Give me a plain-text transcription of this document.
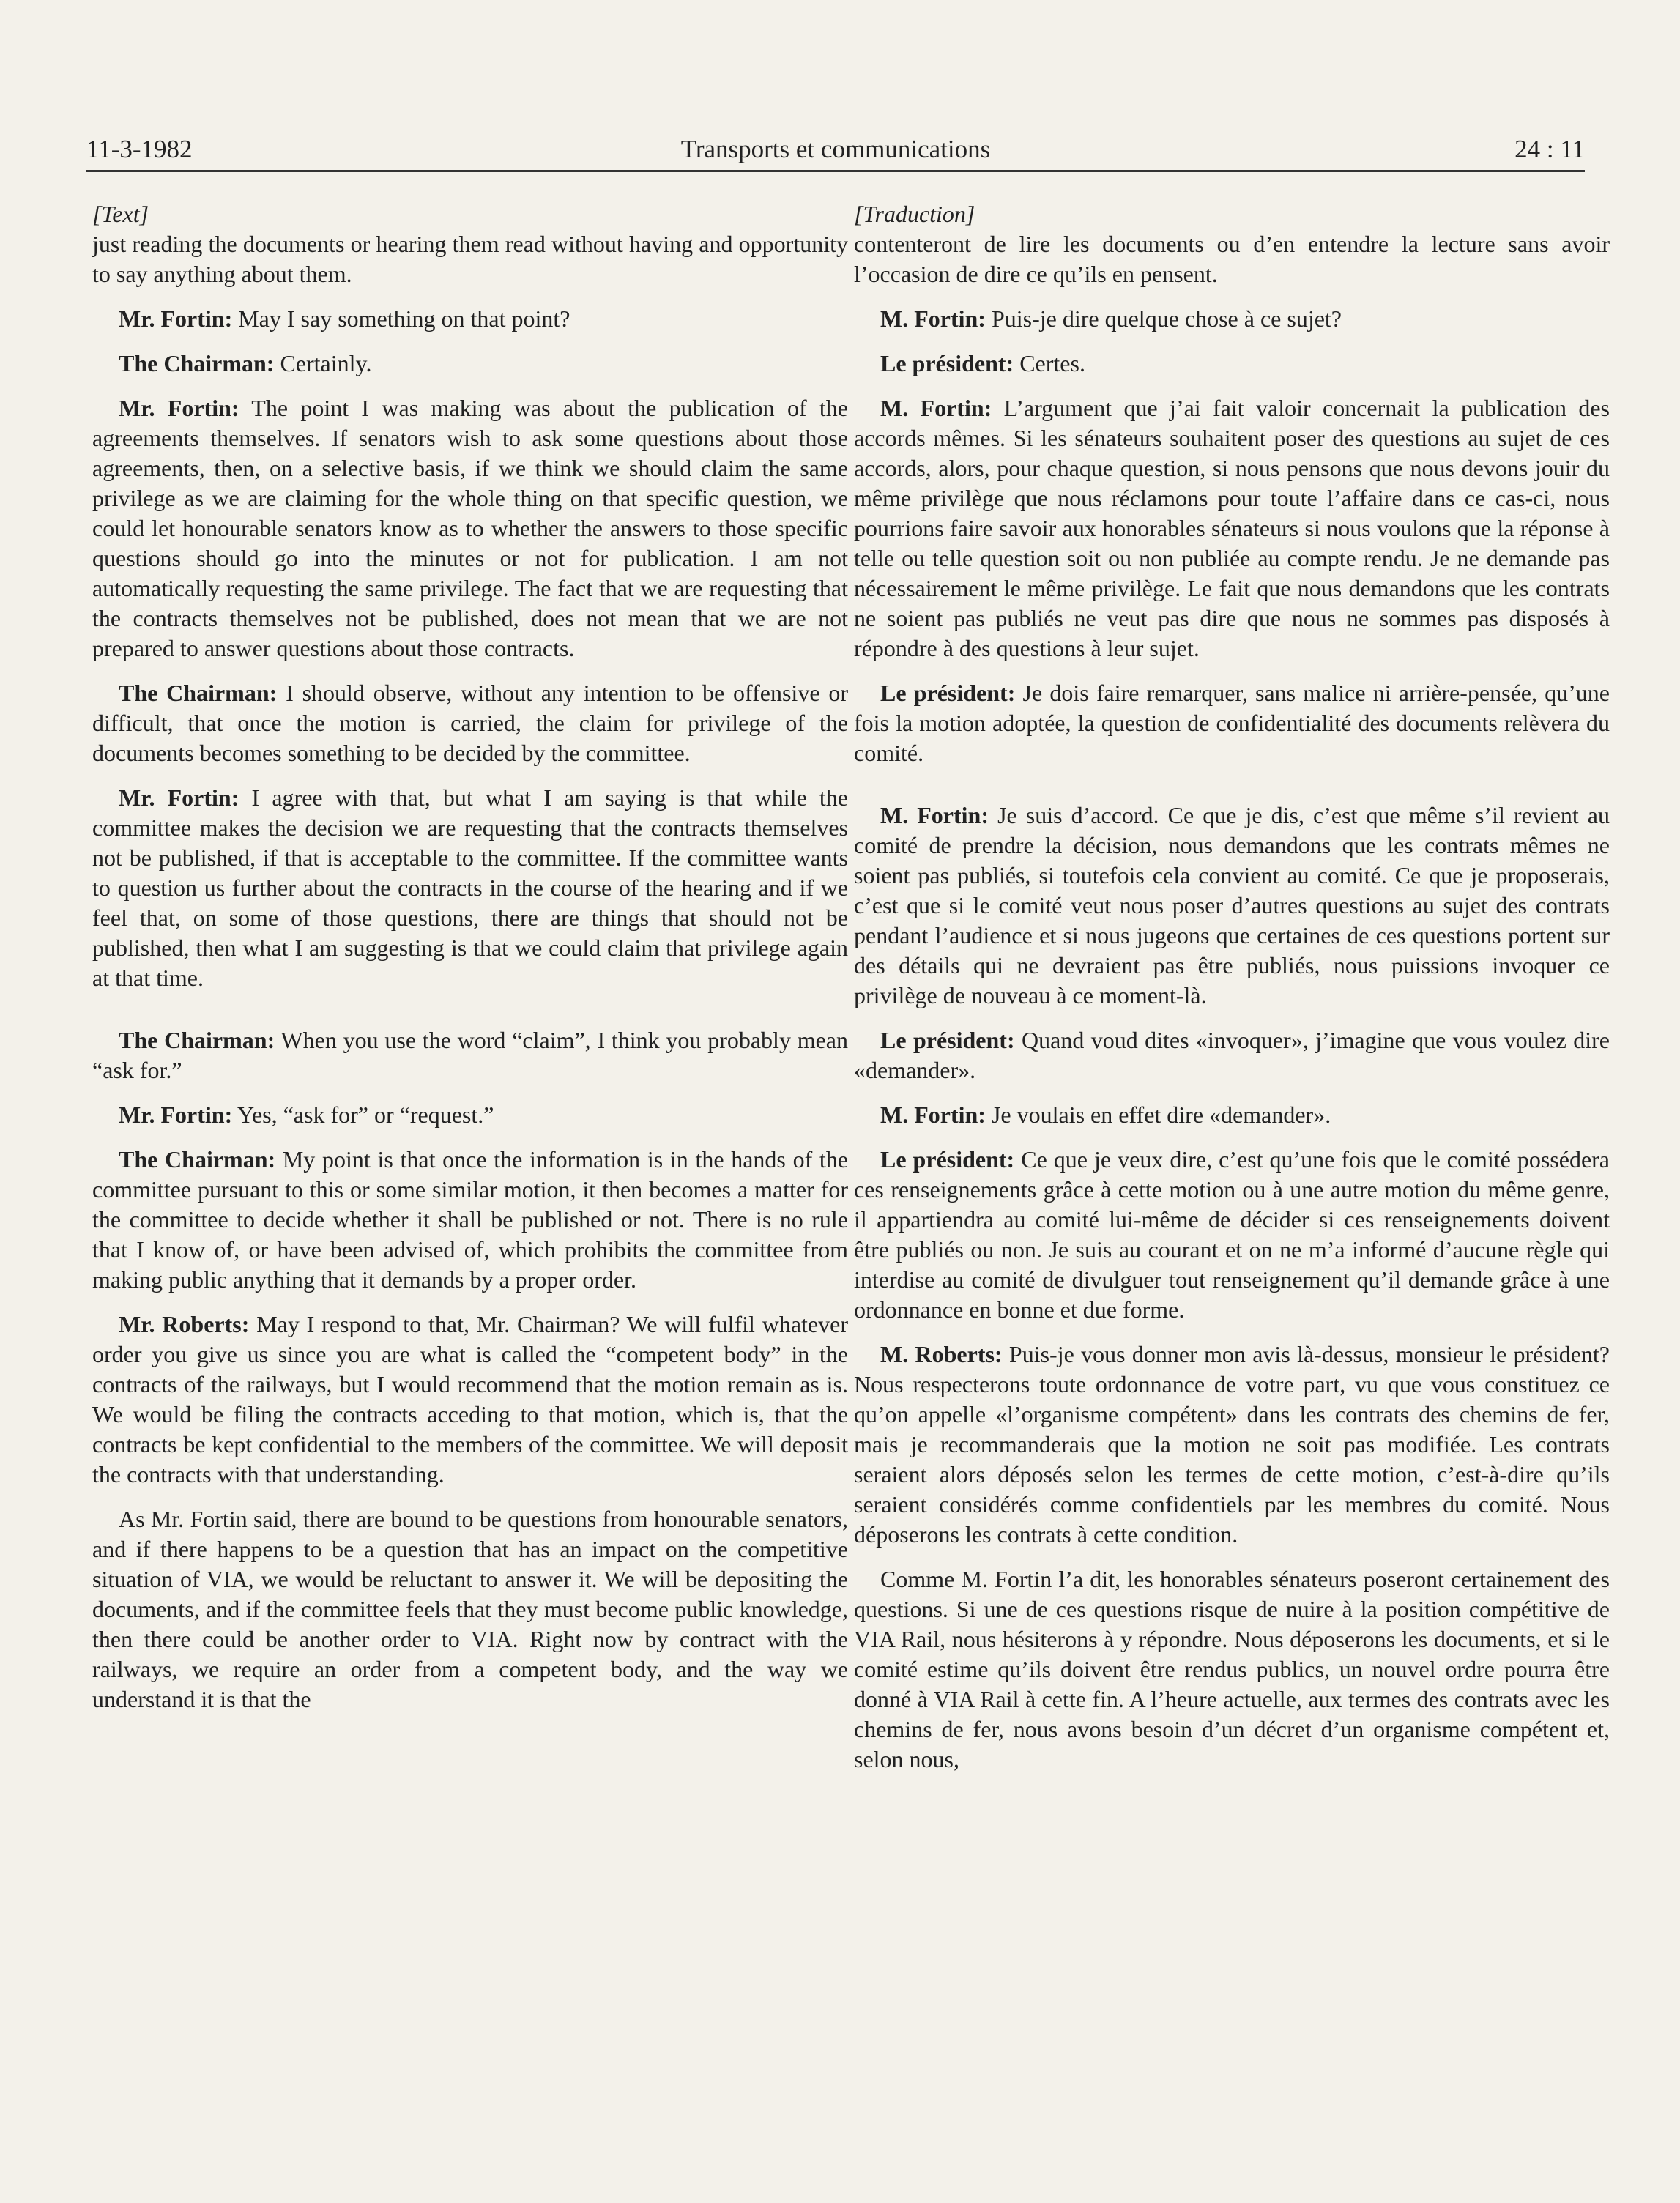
11-3-1982	Transports et communications	24 : 11
[Text]

just reading the documents or hearing them read without having and opportunity to say anything about them.

Mr. Fortin: May I say something on that point?

The Chairman: Certainly.

Mr. Fortin: The point I was making was about the publication of the agreements themselves. If senators wish to ask some questions about those agreements, then, on a selective basis, if we think we should claim the same privilege as we are claiming for the whole thing on that specific question, we could let honourable senators know as to whether the answers to those specific questions should go into the minutes or not for publication. I am not automatically requesting the same privilege. The fact that we are requesting that the contracts themselves not be published, does not mean that we are not prepared to answer questions about those contracts.

The Chairman: I should observe, without any intention to be offensive or difficult, that once the motion is carried, the claim for privilege of the documents becomes something to be decided by the committee.

Mr. Fortin: I agree with that, but what I am saying is that while the committee makes the decision we are requesting that the contracts themselves not be published, if that is acceptable to the committee. If the committee wants to question us further about the contracts in the course of the hearing and if we feel that, on some of those questions, there are things that should not be published, then what I am suggesting is that we could claim that privilege again at that time.

The Chairman: When you use the word “claim”, I think you probably mean “ask for.”

Mr. Fortin: Yes, “ask for” or “request.”

The Chairman: My point is that once the information is in the hands of the committee pursuant to this or some similar motion, it then becomes a matter for the committee to decide whether it shall be published or not. There is no rule that I know of, or have been advised of, which prohibits the committee from making public anything that it demands by a proper order.

Mr. Roberts: May I respond to that, Mr. Chairman? We will fulfil whatever order you give us since you are what is called the “competent body” in the contracts of the railways, but I would recommend that the motion remain as is. We would be filing the contracts acceding to that motion, which is, that the contracts be kept confidential to the members of the committee. We will deposit the contracts with that understanding.

As Mr. Fortin said, there are bound to be questions from honourable senators, and if there happens to be a question that has an impact on the competitive situation of VIA, we would be reluctant to answer it. We will be depositing the documents, and if the committee feels that they must become public knowledge, then there could be another order to VIA. Right now by contract with the railways, we require an order from a competent body, and the way we understand it is that the

[Traduction]

contenteront de lire les documents ou d’en entendre la lecture sans avoir l’occasion de dire ce qu’ils en pensent.

M. Fortin: Puis-je dire quelque chose à ce sujet?

Le président: Certes.

M. Fortin: L’argument que j’ai fait valoir concernait la publication des accords mêmes. Si les sénateurs souhaitent poser des questions au sujet de ces accords, alors, pour chaque question, si nous pensons que nous devons jouir du même privilège que nous réclamons pour toute l’affaire dans ce cas-ci, nous pourrions faire savoir aux honorables sénateurs si nous voulons que la réponse à telle ou telle question soit ou non publiée au compte rendu. Je ne demande pas nécessairement le même privilège. Le fait que nous demandons que les contrats ne soient pas publiés ne veut pas dire que nous ne sommes pas disposés à répondre à des questions à leur sujet.

Le président: Je dois faire remarquer, sans malice ni arrière-pensée, qu’une fois la motion adoptée, la question de confidentialité des documents relèvera du comité.

M. Fortin: Je suis d’accord. Ce que je dis, c’est que même s’il revient au comité de prendre la décision, nous demandons que les contrats mêmes ne soient pas publiés, si toutefois cela convient au comité. Ce que je proposerais, c’est que si le comité veut nous poser d’autres questions au sujet des contrats pendant l’audience et si nous jugeons que certaines de ces questions portent sur des détails qui ne devraient pas être publiés, nous puissions invoquer ce privilège de nouveau à ce moment-là.

Le président: Quand voud dites «invoquer», j’imagine que vous voulez dire «demander».

M. Fortin: Je voulais en effet dire «demander».

Le président: Ce que je veux dire, c’est qu’une fois que le comité possédera ces renseignements grâce à cette motion ou à une autre motion du même genre, il appartiendra au comité lui-même de décider si ces renseignements doivent être publiés ou non. Je suis au courant et on ne m’a informé d’aucune règle qui interdise au comité de divulguer tout renseignement qu’il demande grâce à une ordonnance en bonne et due forme.

M. Roberts: Puis-je vous donner mon avis là-dessus, monsieur le président? Nous respecterons toute ordonnance de votre part, vu que vous constituez ce qu’on appelle «l’organisme compétent» dans les contrats des chemins de fer, mais je recommanderais que la motion ne soit pas modifiée. Les contrats seraient alors déposés selon les termes de cette motion, c’est-à-dire qu’ils seraient considérés comme confidentiels par les membres du comité. Nous déposerons les contrats à cette condition.

Comme M. Fortin l’a dit, les honorables sénateurs poseront certainement des questions. Si une de ces questions risque de nuire à la position compétitive de VIA Rail, nous hésiterons à y répondre. Nous déposerons les documents, et si le comité estime qu’ils doivent être rendus publics, un nouvel ordre pourra être donné à VIA Rail à cette fin. A l’heure actuelle, aux termes des contrats avec les chemins de fer, nous avons besoin d’un décret d’un organisme compétent et, selon nous,
